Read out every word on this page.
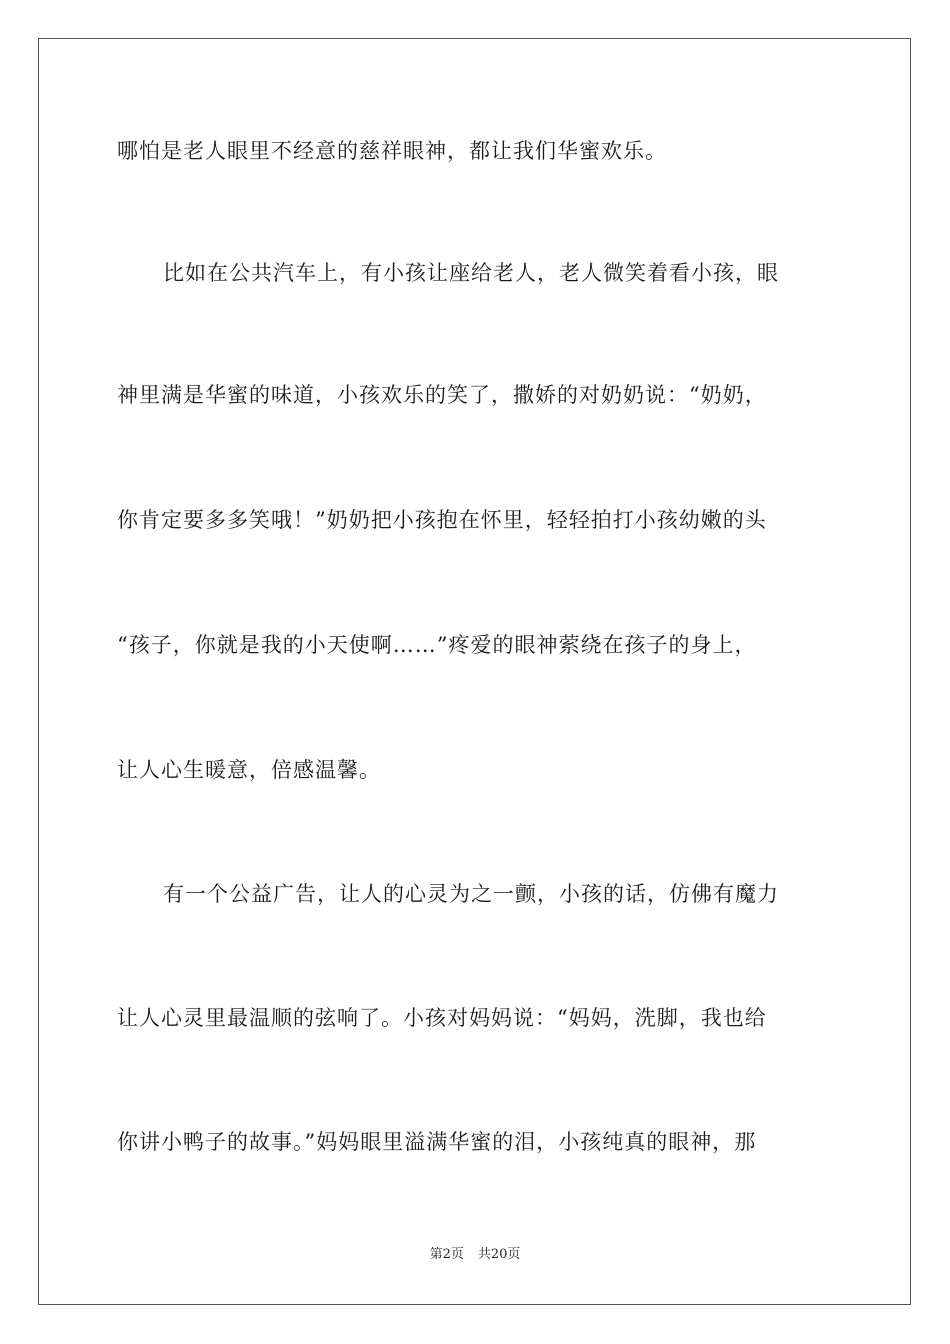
哪怕是老人眼里不经意的慈祥眼神，都让我们华蜜欢乐。
比如在公共汽车上，有小孩让座给老人，老人微笑着看小孩，眼
神里满是华蜜的味道，小孩欢乐的笑了，撒娇的对奶奶说：“奶奶，
你肯定要多多笑哦！”奶奶把小孩抱在怀里，轻轻拍打小孩幼嫩的头
“孩子，你就是我的小天使啊……”疼爱的眼神萦绕在孩子的身上，
让人心生暖意，倍感温馨。
有一个公益广告，让人的心灵为之一颤，小孩的话，仿佛有魔力
让人心灵里最温顺的弦响了。小孩对妈妈说：“妈妈，洗脚，我也给
你讲小鸭子的故事。”妈妈眼里溢满华蜜的泪，小孩纯真的眼神，那
第2页 共20页
